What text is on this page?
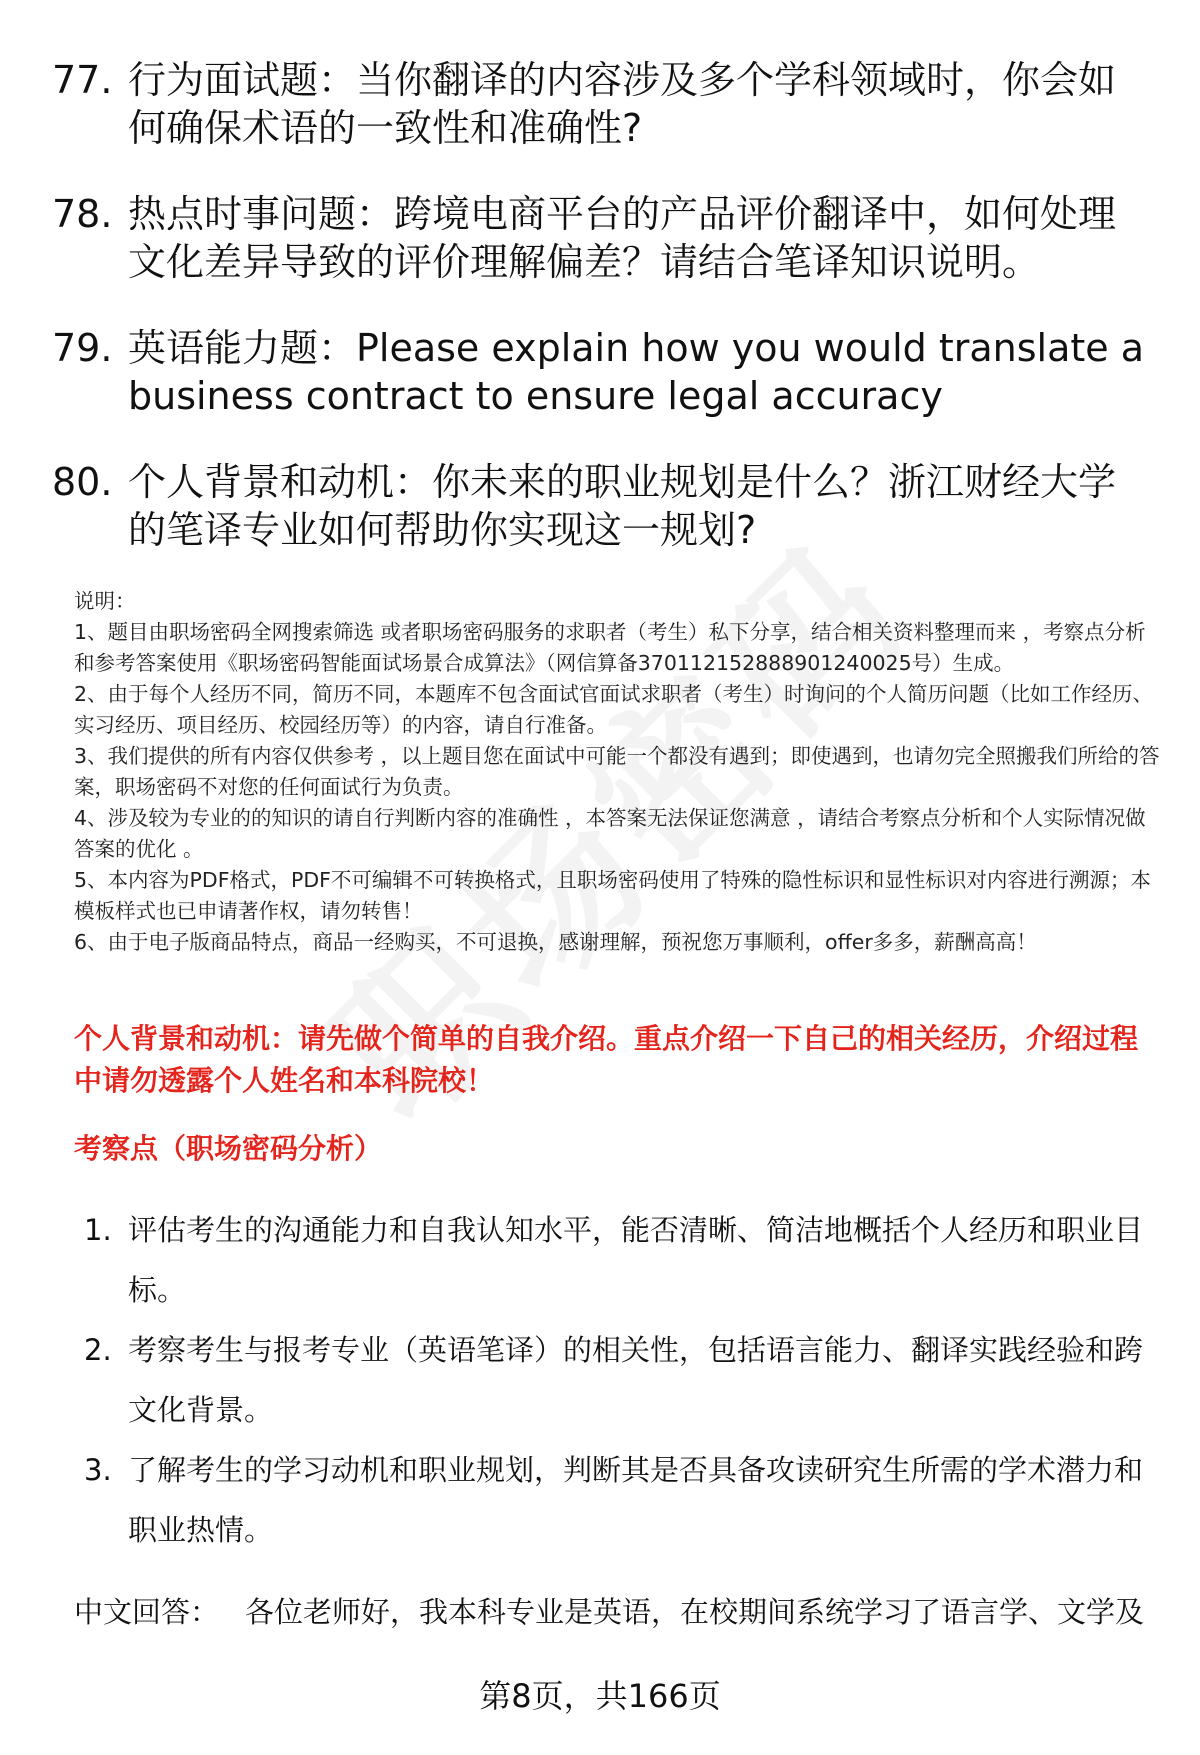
77. 行为面试题：当你翻译的内容涉及多个学科领域时，你会如何确保术语的一致性和准确性?
78. 热点时事问题：跨境电商平台的产品评价翻译中，如何处理文化差异导致的评价理解偏差？请结合笔译知识说明。
79. 英语能力题：Please explain how you would translate a business contract to ensure legal accuracy
80. 个人背景和动机：你未来的职业规划是什么？浙江财经大学的笔译专业如何帮助你实现这一规划?
说明：
1、题目由职场密码全网搜索筛选 或者职场密码服务的求职者（考生）私下分享，结合相关资料整理而来 ，考察点分析和参考答案使用《职场密码智能面试场景合成算法》（网信算备370112152888901240025号）生成。
2、由于每个人经历不同，简历不同，本题库不包含面试官面试求职者（考生）时询问的个人简历问题（比如工作经历、实习经历、项目经历、校园经历等）的内容，请自行准备。
3、我们提供的所有内容仅供参考 ，以上题目您在面试中可能一个都没有遇到；即使遇到，也请勿完全照搬我们所给的答案，职场密码不对您的任何面试行为负责。
4、涉及较为专业的的知识的请自行判断内容的准确性 ，本答案无法保证您满意 ，请结合考察点分析和个人实际情况做答案的优化 。
5、本内容为PDF格式，PDF不可编辑不可转换格式，且职场密码使用了特殊的隐性标识和显性标识对内容进行溯源；本模板样式也已申请著作权，请勿转售！
6、由于电子版商品特点，商品一经购买，不可退换，感谢理解，预祝您万事顺利，offer多多，薪酬高高！
个人背景和动机：请先做个简单的自我介绍。重点介绍一下自己的相关经历，介绍过程中请勿透露个人姓名和本科院校！
考察点（职场密码分析）
1. 评估考生的沟通能力和自我认知水平，能否清晰、简洁地概括个人经历和职业目标。
2. 考察考生与报考专业（英语笔译）的相关性，包括语言能力、翻译实践经验和跨文化背景。
3. 了解考生的学习动机和职业规划，判断其是否具备攻读研究生所需的学术潜力和职业热情。
中文回答： 各位老师好，我本科专业是英语，在校期间系统学习了语言学、文学及
第8页，共166页
